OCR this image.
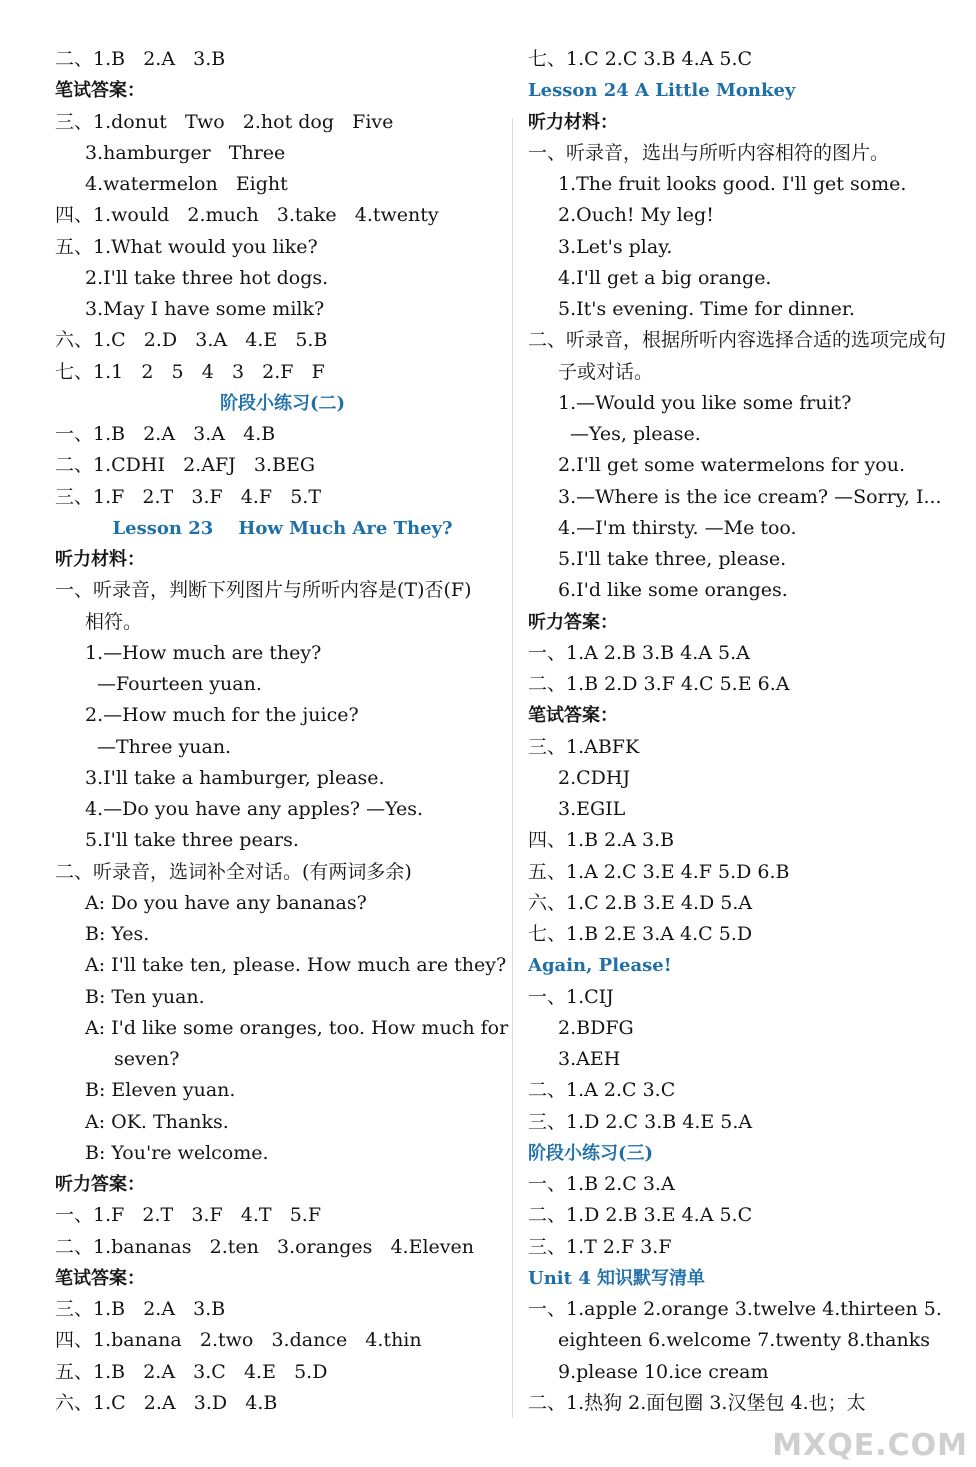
二、1.B   2.A   3.B
笔试答案：
三、1.donut   Two   2.hot dog   Five
3.hamburger   Three
4.watermelon   Eight
四、1.would   2.much   3.take   4.twenty
五、1.What would you like?
2.I'll take three hot dogs.
3.May I have some milk?
六、1.C   2.D   3.A   4.E   5.B
七、1.1   2   5   4   3   2.F   F
阶段小练习(二)
一、1.B   2.A   3.A   4.B
二、1.CDHI   2.AFJ   3.BEG
三、1.F   2.T   3.F   4.F   5.T
Lesson 23    How Much Are They?
听力材料：
一、听录音，判断下列图片与所听内容是(T)否(F)
相符。
1.—How much are they?
—Fourteen yuan.
2.—How much for the juice?
—Three yuan.
3.I'll take a hamburger, please.
4.—Do you have any apples? —Yes.
5.I'll take three pears.
二、听录音，选词补全对话。(有两词多余)
A: Do you have any bananas?
B: Yes.
A: I'll take ten, please. How much are they?
B: Ten yuan.
A: I'd like some oranges, too. How much for
seven?
B: Eleven yuan.
A: OK. Thanks.
B: You're welcome.
听力答案：
一、1.F   2.T   3.F   4.T   5.F
二、1.bananas   2.ten   3.oranges   4.Eleven
笔试答案：
三、1.B   2.A   3.B
四、1.banana   2.two   3.dance   4.thin
五、1.B   2.A   3.C   4.E   5.D
六、1.C   2.A   3.D   4.B
七、1.C 2.C 3.B 4.A 5.C
Lesson 24 A Little Monkey
听力材料：
一、听录音，选出与所听内容相符的图片。
1.The fruit looks good. I'll get some.
2.Ouch! My leg!
3.Let's play.
4.I'll get a big orange.
5.It's evening. Time for dinner.
二、听录音，根据所听内容选择合适的选项完成句
子或对话。
1.—Would you like some fruit?
—Yes, please.
2.I'll get some watermelons for you.
3.—Where is the ice cream? —Sorry, I...
4.—I'm thirsty. —Me too.
5.I'll take three, please.
6.I'd like some oranges.
听力答案：
一、1.A 2.B 3.B 4.A 5.A
二、1.B 2.D 3.F 4.C 5.E 6.A
笔试答案：
三、1.ABFK
2.CDHJ
3.EGIL
四、1.B 2.A 3.B
五、1.A 2.C 3.E 4.F 5.D 6.B
六、1.C 2.B 3.E 4.D 5.A
七、1.B 2.E 3.A 4.C 5.D
Again, Please!
一、1.CIJ
2.BDFG
3.AEH
二、1.A 2.C 3.C
三、1.D 2.C 3.B 4.E 5.A
阶段小练习(三)
一、1.B 2.C 3.A
二、1.D 2.B 3.E 4.A 5.C
三、1.T 2.F 3.F
Unit 4 知识默写清单
一、1.apple 2.orange 3.twelve 4.thirteen 5.
eighteen 6.welcome 7.twenty 8.thanks
9.please 10.ice cream
二、1.热狗 2.面包圈 3.汉堡包 4.也；太
MXQE.COM
